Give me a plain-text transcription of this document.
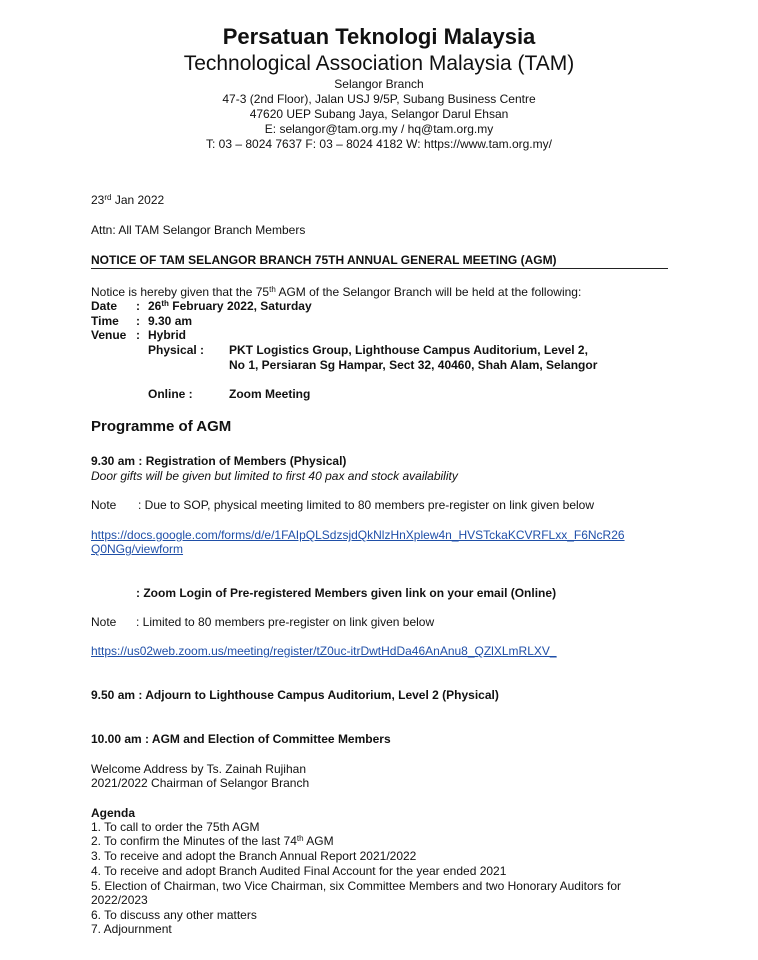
Persatuan Teknologi Malaysia
Technological Association Malaysia (TAM)
Selangor Branch
47-3 (2nd Floor), Jalan USJ 9/5P, Subang Business Centre
47620 UEP Subang Jaya, Selangor Darul Ehsan
E: selangor@tam.org.my / hq@tam.org.my
T: 03 – 8024 7637 F: 03 – 8024 4182 W: https://www.tam.org.my/
23rd Jan 2022
Attn: All TAM Selangor Branch Members
NOTICE OF TAM SELANGOR BRANCH 75TH ANNUAL GENERAL MEETING (AGM)
Notice is hereby given that the 75th AGM of the Selangor Branch will be held at the following:
Date : 26th February 2022, Saturday
Time : 9.30 am
Venue : Hybrid
Physical : PKT Logistics Group, Lighthouse Campus Auditorium, Level 2,
No 1, Persiaran Sg Hampar, Sect 32, 40460, Shah Alam, Selangor
Online :	Zoom Meeting
Programme of AGM
9.30 am : Registration of Members (Physical)
Door gifts will be given but limited to first 40 pax and stock availability
Note : Due to SOP, physical meeting limited to 80 members pre-register on link given below
https://docs.google.com/forms/d/e/1FAIpQLSdzsjdQkNlzHnXplew4n_HVSTckaKCVRFLxx_F6NcR26
Q0NGg/viewform
: Zoom Login of Pre-registered Members given link on your email (Online)
Note : Limited to 80 members pre-register on link given below
https://us02web.zoom.us/meeting/register/tZ0uc-itrDwtHdDa46AnAnu8_QZlXLmRLXV_
9.50 am : Adjourn to Lighthouse Campus Auditorium, Level 2 (Physical)
10.00 am : AGM and Election of Committee Members
Welcome Address by Ts. Zainah Rujihan
2021/2022 Chairman of Selangor Branch
Agenda
1. To call to order the 75th AGM
2. To confirm the Minutes of the last 74th AGM
3. To receive and adopt the Branch Annual Report 2021/2022
4. To receive and adopt Branch Audited Final Account for the year ended 2021
5. Election of Chairman, two Vice Chairman, six Committee Members and two Honorary Auditors for
2022/2023
6. To discuss any other matters
7. Adjournment
